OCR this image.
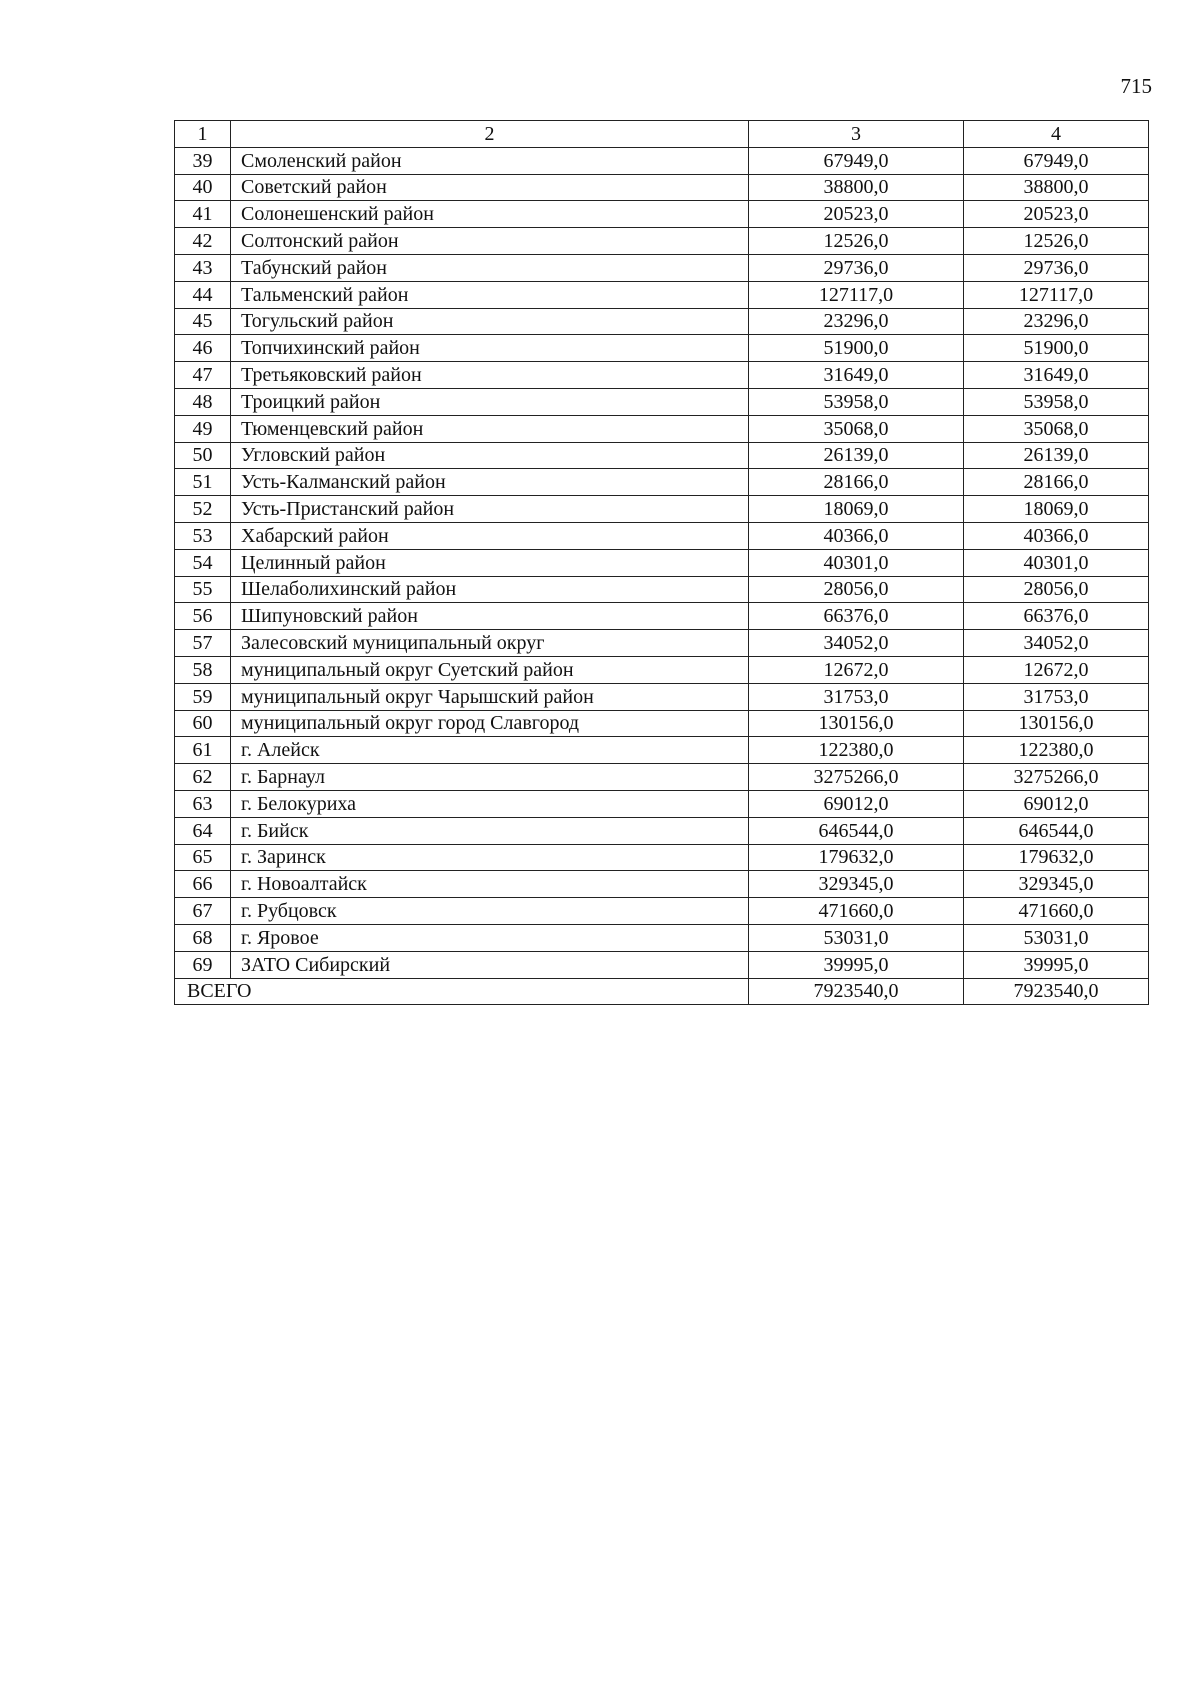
715
1	2	3	4
39	Смоленский район	67949,0	67949,0
40	Советский район	38800,0	38800,0
41	Солонешенский район	20523,0	20523,0
42	Солтонский район	12526,0	12526,0
43	Табунский район	29736,0	29736,0
44	Тальменский район	127117,0	127117,0
45	Тогульский район	23296,0	23296,0
46	Топчихинский район	51900,0	51900,0
47	Третьяковский район	31649,0	31649,0
48	Троицкий район	53958,0	53958,0
49	Тюменцевский район	35068,0	35068,0
50	Угловский район	26139,0	26139,0
51	Усть-Калманский район	28166,0	28166,0
52	Усть-Пристанский район	18069,0	18069,0
53	Хабарский район	40366,0	40366,0
54	Целинный район	40301,0	40301,0
55	Шелаболихинский район	28056,0	28056,0
56	Шипуновский район	66376,0	66376,0
57	Залесовский муниципальный округ	34052,0	34052,0
58	муниципальный округ Суетский район	12672,0	12672,0
59	муниципальный округ Чарышский район	31753,0	31753,0
60	муниципальный округ город Славгород	130156,0	130156,0
61	г. Алейск	122380,0	122380,0
62	г. Барнаул	3275266,0	3275266,0
63	г. Белокуриха	69012,0	69012,0
64	г. Бийск	646544,0	646544,0
65	г. Заринск	179632,0	179632,0
66	г. Новоалтайск	329345,0	329345,0
67	г. Рубцовск	471660,0	471660,0
68	г. Яровое	53031,0	53031,0
69	ЗАТО Сибирский	39995,0	39995,0
ВСЕГО		7923540,0	7923540,0
